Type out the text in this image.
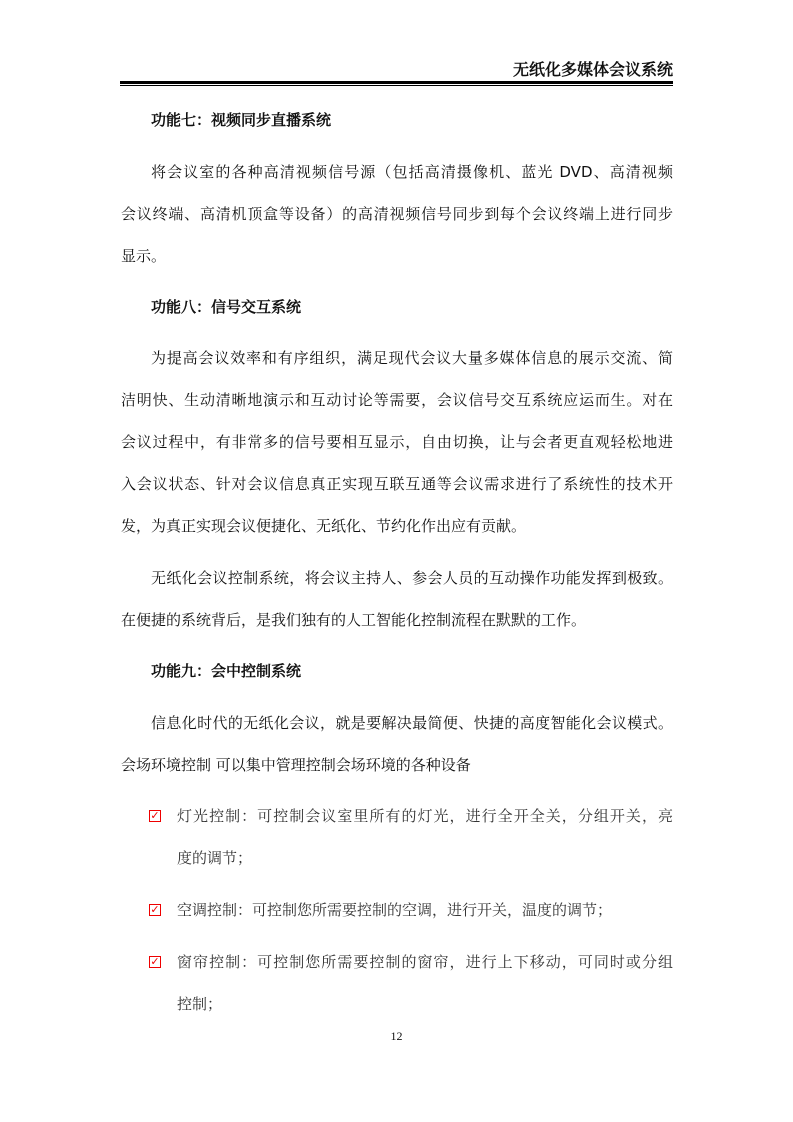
无纸化多媒体会议系统
功能七：视频同步直播系统
将会议室的各种高清视频信号源（包括高清摄像机、蓝光 DVD、高清视频
会议终端、高清机顶盒等设备）的高清视频信号同步到每个会议终端上进行同步
显示。
功能八：信号交互系统
为提高会议效率和有序组织，满足现代会议大量多媒体信息的展示交流、简
洁明快、生动清晰地演示和互动讨论等需要，会议信号交互系统应运而生。对在
会议过程中，有非常多的信号要相互显示，自由切换，让与会者更直观轻松地进
入会议状态、针对会议信息真正实现互联互通等会议需求进行了系统性的技术开
发，为真正实现会议便捷化、无纸化、节约化作出应有贡献。
无纸化会议控制系统，将会议主持人、参会人员的互动操作功能发挥到极致。
在便捷的系统背后，是我们独有的人工智能化控制流程在默默的工作。
功能九：会中控制系统
信息化时代的无纸化会议，就是要解决最简便、快捷的高度智能化会议模式。
会场环境控制 可以集中管理控制会场环境的各种设备
✓ 灯光控制：可控制会议室里所有的灯光，进行全开全关，分组开关，亮
度的调节；
✓ 空调控制：可控制您所需要控制的空调，进行开关，温度的调节；
✓ 窗帘控制：可控制您所需要控制的窗帘，进行上下移动，可同时或分组
控制；
12
